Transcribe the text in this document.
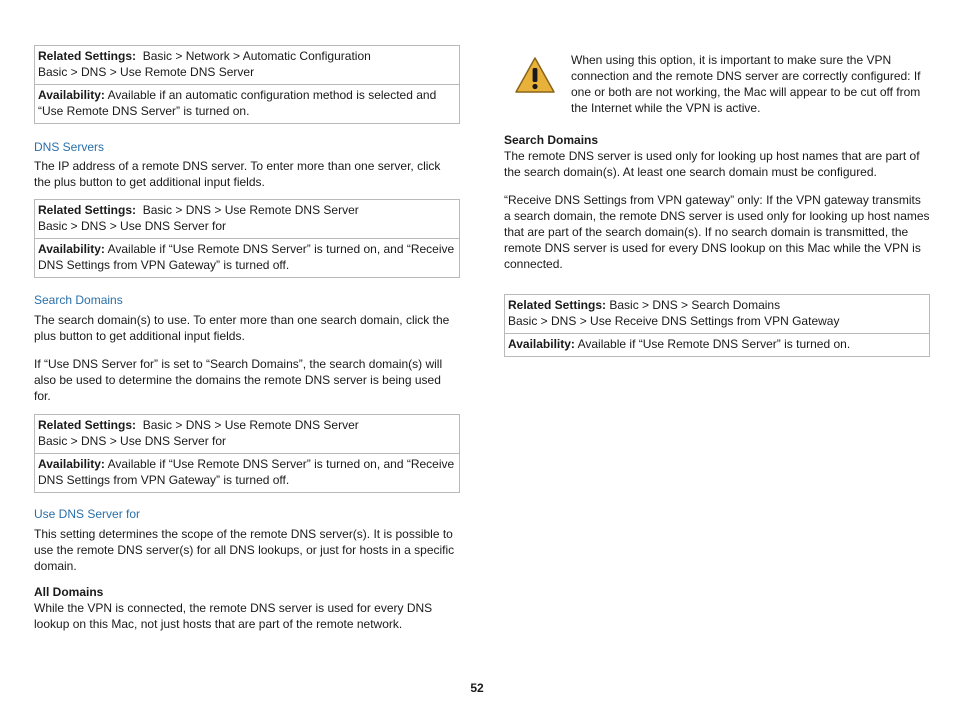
Related Settings: Basic > Network > Automatic Configuration
Basic > DNS > Use Remote DNS Server
Availability: Available if an automatic configuration method is selected and “Use Remote DNS Server” is turned on.
DNS Servers

The IP address of a remote DNS server. To enter more than one server, click the plus button to get additional input fields.

Related Settings: Basic > DNS > Use Remote DNS Server
Basic > DNS > Use DNS Server for
Availability: Available if “Use Remote DNS Server” is turned on, and “Receive DNS Settings from VPN Gateway” is turned off.
Search Domains

The search domain(s) to use. To enter more than one search domain, click the plus button to get additional input fields.

If “Use DNS Server for” is set to “Search Domains”, the search domain(s) will also be used to determine the domains the remote DNS server is being used for.

Related Settings: Basic > DNS > Use Remote DNS Server
Basic > DNS > Use DNS Server for
Availability: Available if “Use Remote DNS Server” is turned on, and “Receive DNS Settings from VPN Gateway” is turned off.
Use DNS Server for

This setting determines the scope of the remote DNS server(s). It is possible to use the remote DNS server(s) for all DNS lookups, or just for hosts in a specific domain.

All Domains
While the VPN is connected, the remote DNS server is used for every DNS lookup on this Mac, not just hosts that are part of the remote network.

When using this option, it is important to make sure the VPN connection and the remote DNS server are correctly configured: If one or both are not working, the Mac will appear to be cut off from the Internet while the VPN is active.

Search Domains
The remote DNS server is used only for looking up host names that are part of the search domain(s). At least one search domain must be configured.

“Receive DNS Settings from VPN gateway” only: If the VPN gateway transmits a search domain, the remote DNS server is used only for looking up host names that are part of the search domain(s). If no search domain is transmitted, the remote DNS server is used for every DNS lookup on this Mac while the VPN is connected.

Related Settings: Basic > DNS > Search Domains
Basic > DNS > Use Receive DNS Settings from VPN Gateway
Availability: Available if “Use Remote DNS Server” is turned on.
52
